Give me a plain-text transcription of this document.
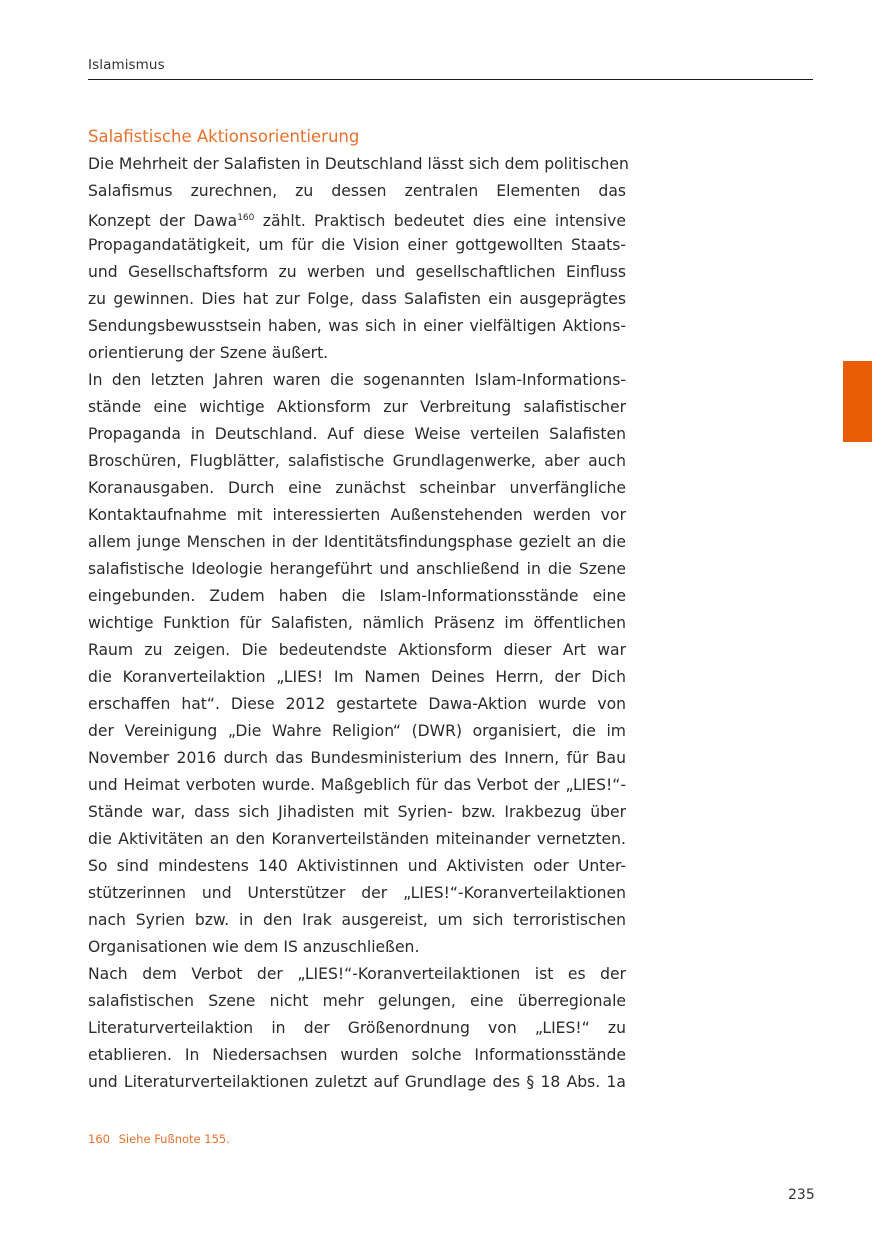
Islamismus
Salafistische Aktionsorientierung
Die Mehrheit der Salafisten in Deutschland lässt sich dem politischen
Salafismus zurechnen, zu dessen zentralen Elementen das
Konzept der Dawa$^{160}$ zählt. Praktisch bedeutet dies eine intensive
Propagandatätigkeit, um für die Vision einer gottgewollten Staats-
und Gesellschaftsform zu werben und gesellschaftlichen Einfluss
zu gewinnen. Dies hat zur Folge, dass Salafisten ein ausgeprägtes
Sendungsbewusstsein haben, was sich in einer vielfältigen Aktions-
orientierung der Szene äußert.
In den letzten Jahren waren die sogenannten Islam-Informations-
stände eine wichtige Aktionsform zur Verbreitung salafistischer
Propaganda in Deutschland. Auf diese Weise verteilen Salafisten
Broschüren, Flugblätter, salafistische Grundlagenwerke, aber auch
Koranausgaben. Durch eine zunächst scheinbar unverfängliche
Kontaktaufnahme mit interessierten Außenstehenden werden vor
allem junge Menschen in der Identitätsfindungsphase gezielt an die
salafistische Ideologie herangeführt und anschließend in die Szene
eingebunden. Zudem haben die Islam-Informationsstände eine
wichtige Funktion für Salafisten, nämlich Präsenz im öffentlichen
Raum zu zeigen. Die bedeutendste Aktionsform dieser Art war
die Koranverteilaktion „LIES! Im Namen Deines Herrn, der Dich
erschaffen hat“. Diese 2012 gestartete Dawa-Aktion wurde von
der Vereinigung „Die Wahre Religion“ (DWR) organisiert, die im
November 2016 durch das Bundesministerium des Innern, für Bau
und Heimat verboten wurde. Maßgeblich für das Verbot der „LIES!“-
Stände war, dass sich Jihadisten mit Syrien- bzw. Irakbezug über
die Aktivitäten an den Koranverteilständen miteinander vernetzten.
So sind mindestens 140 Aktivistinnen und Aktivisten oder Unter-
stützerinnen und Unterstützer der „LIES!“-Koranverteilaktionen
nach Syrien bzw. in den Irak ausgereist, um sich terroristischen
Organisationen wie dem IS anzuschließen.
Nach dem Verbot der „LIES!“-Koranverteilaktionen ist es der
salafistischen Szene nicht mehr gelungen, eine überregionale
Literaturverteilaktion in der Größenordnung von „LIES!“ zu
etablieren. In Niedersachsen wurden solche Informationsstände
und Literaturverteilaktionen zuletzt auf Grundlage des § 18 Abs. 1a
160 Siehe Fußnote 155.
235
